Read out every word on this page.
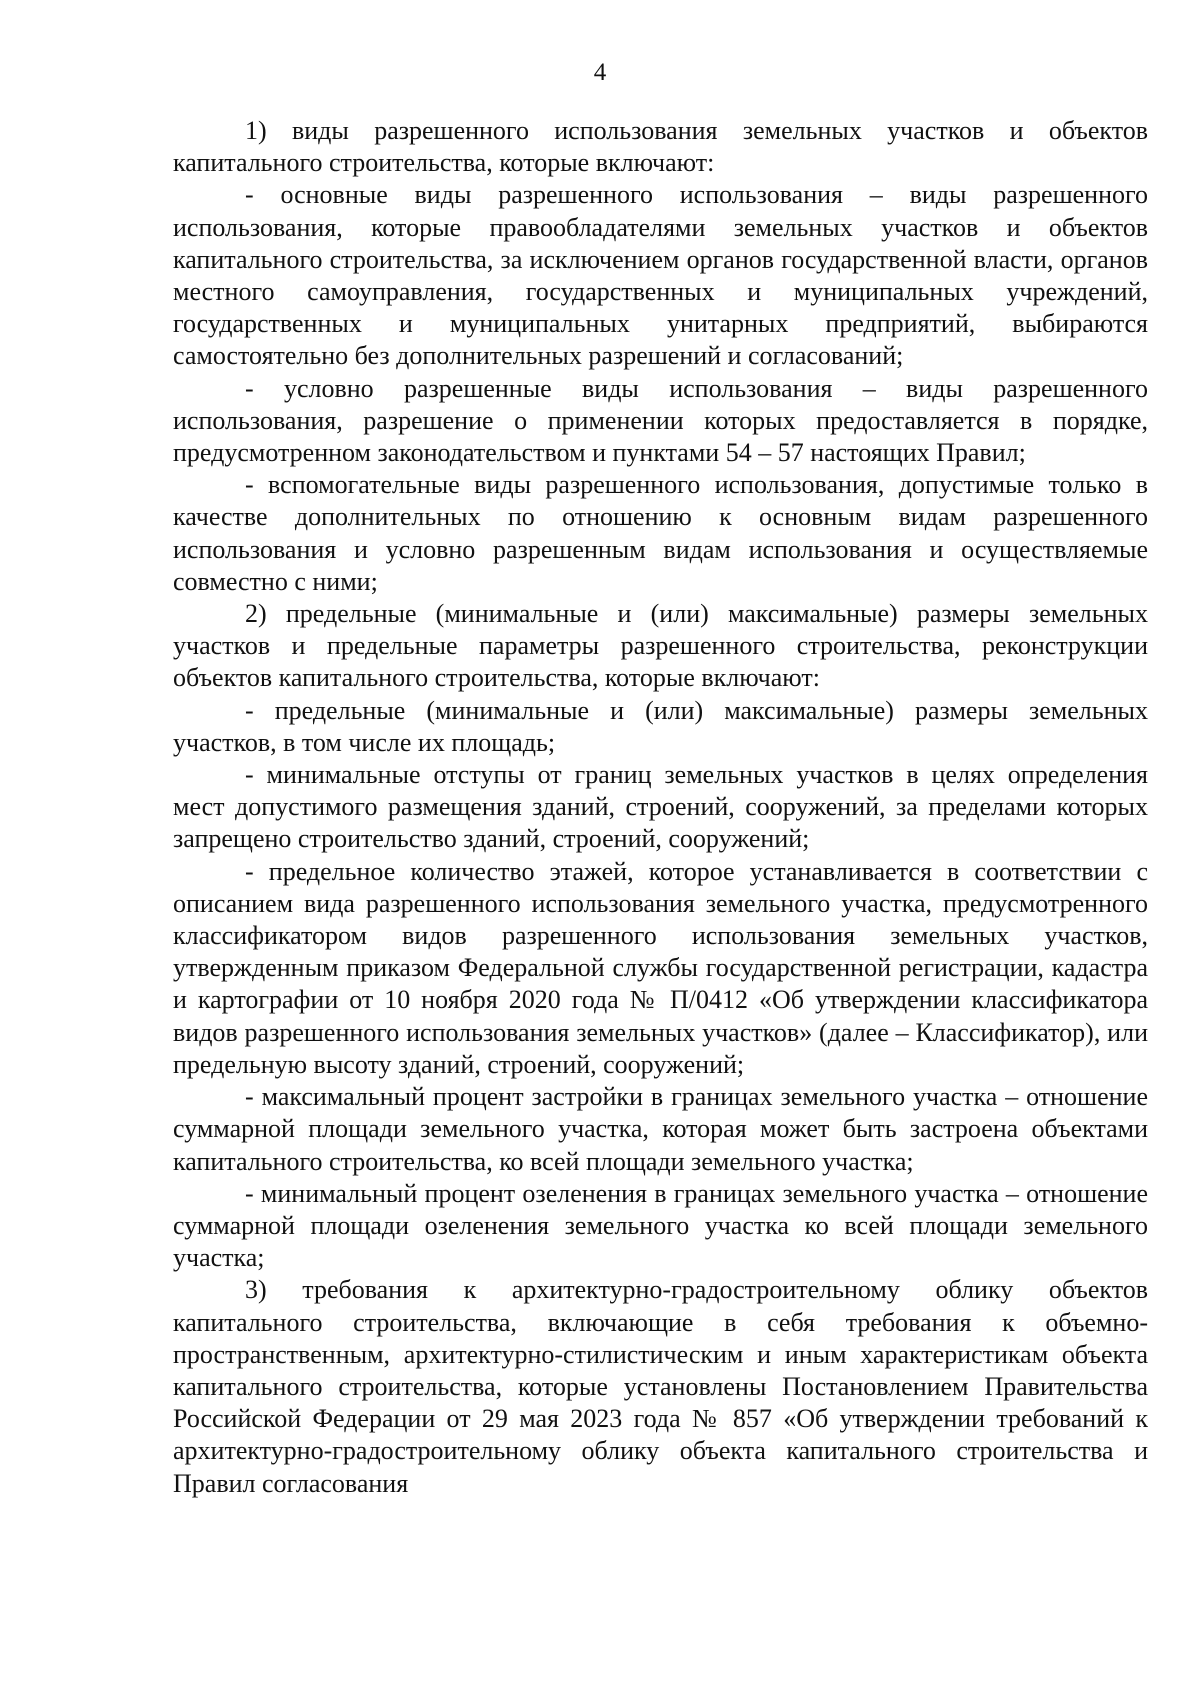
4

1) виды разрешенного использования земельных участков и объектов капитального строительства, которые включают:

- основные виды разрешенного использования – виды разрешенного использования, которые правообладателями земельных участков и объектов капитального строительства, за исключением органов государственной власти, органов местного самоуправления, государственных и муниципальных учреждений, государственных и муниципальных унитарных предприятий, выбираются самостоятельно без дополнительных разрешений и согласований;

- условно разрешенные виды использования – виды разрешенного использования, разрешение о применении которых предоставляется в порядке, предусмотренном законодательством и пунктами 54 – 57 настоящих Правил;

- вспомогательные виды разрешенного использования, допустимые только в качестве дополнительных по отношению к основным видам разрешенного использования и условно разрешенным видам использования и осуществляемые совместно с ними;

2) предельные (минимальные и (или) максимальные) размеры земельных участков и предельные параметры разрешенного строительства, реконструкции объектов капитального строительства, которые включают:

- предельные (минимальные и (или) максимальные) размеры земельных участков, в том числе их площадь;

- минимальные отступы от границ земельных участков в целях определения мест допустимого размещения зданий, строений, сооружений, за пределами которых запрещено строительство зданий, строений, сооружений;

- предельное количество этажей, которое устанавливается в соответствии с описанием вида разрешенного использования земельного участка, предусмотренного классификатором видов разрешенного использования земельных участков, утвержденным приказом Федеральной службы государственной регистрации, кадастра и картографии от 10 ноября 2020 года № П/0412 «Об утверждении классификатора видов разрешенного использования земельных участков» (далее – Классификатор), или предельную высоту зданий, строений, сооружений;

- максимальный процент застройки в границах земельного участка – отношение суммарной площади земельного участка, которая может быть застроена объектами капитального строительства, ко всей площади земельного участка;

- минимальный процент озеленения в границах земельного участка – отношение суммарной площади озеленения земельного участка ко всей площади земельного участка;

3) требования к архитектурно-градостроительному облику объектов капитального строительства, включающие в себя требования к объемно-пространственным, архитектурно-стилистическим и иным характеристикам объекта капитального строительства, которые установлены Постановлением Правительства Российской Федерации от 29 мая 2023 года № 857 «Об утверждении требований к архитектурно-градостроительному облику объекта капитального строительства и Правил согласования
